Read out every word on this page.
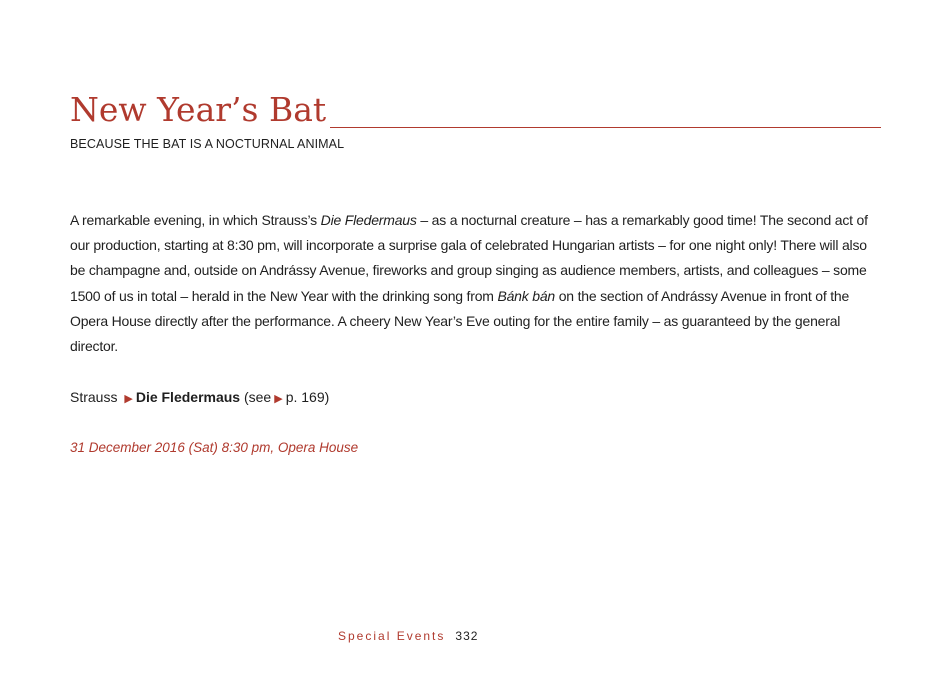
New Year’s Bat
BECAUSE THE BAT IS A NOCTURNAL ANIMAL

A remarkable evening, in which Strauss’s Die Fledermaus – as a nocturnal creature – has a remarkably good time! The second act of our production, starting at 8:30 pm, will incorporate a surprise gala of celebrated Hungarian artists – for one night only! There will also be champagne and, outside on Andrássy Avenue, fireworks and group singing as audience members, artists, and colleagues – some 1500 of us in total – herald in the New Year with the drinking song from Bánk bán on the section of Andrássy Avenue in front of the Opera House directly after the performance. A cheery New Year’s Eve outing for the entire family – as guaranteed by the general director.

Strauss ▶ Die Fledermaus (see ▶ p. 169)
31 December 2016 (Sat) 8:30 pm, Opera House
Special Events 332
